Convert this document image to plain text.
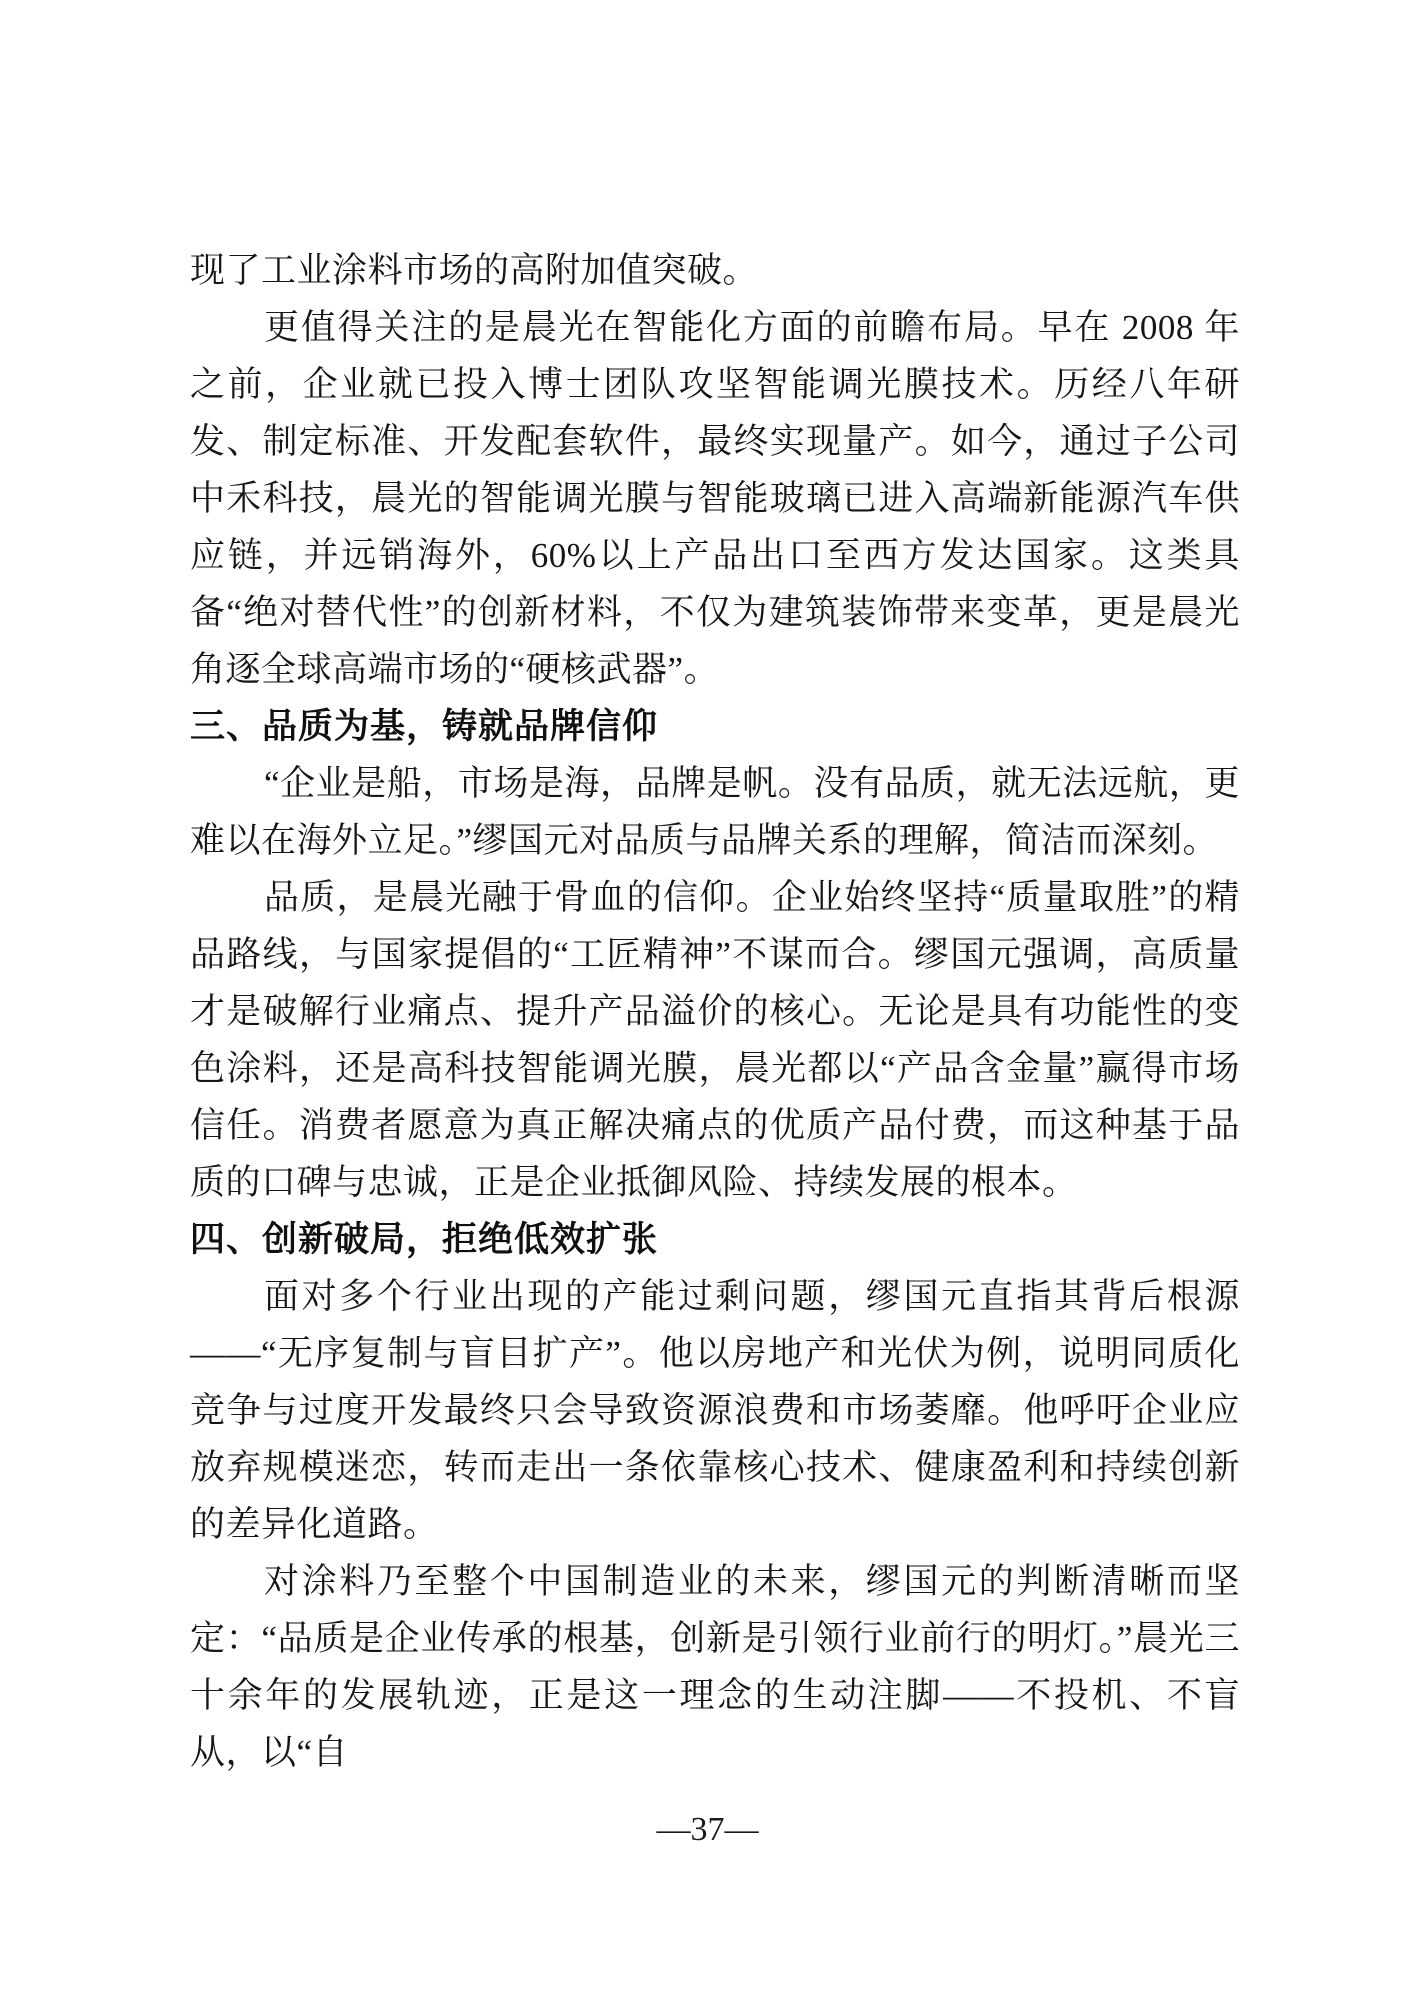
现了工业涂料市场的高附加值突破。

更值得关注的是晨光在智能化方面的前瞻布局。早在 2008 年之前，企业就已投入博士团队攻坚智能调光膜技术。历经八年研发、制定标准、开发配套软件，最终实现量产。如今，通过子公司中禾科技，晨光的智能调光膜与智能玻璃已进入高端新能源汽车供应链，并远销海外，60%以上产品出口至西方发达国家。这类具备“绝对替代性”的创新材料，不仅为建筑装饰带来变革，更是晨光角逐全球高端市场的“硬核武器”。

三、品质为基，铸就品牌信仰

“企业是船，市场是海，品牌是帆。没有品质，就无法远航，更难以在海外立足。”缪国元对品质与品牌关系的理解，简洁而深刻。

品质，是晨光融于骨血的信仰。企业始终坚持“质量取胜”的精品路线，与国家提倡的“工匠精神”不谋而合。缪国元强调，高质量才是破解行业痛点、提升产品溢价的核心。无论是具有功能性的变色涂料，还是高科技智能调光膜，晨光都以“产品含金量”赢得市场信任。消费者愿意为真正解决痛点的优质产品付费，而这种基于品质的口碑与忠诚，正是企业抵御风险、持续发展的根本。

四、创新破局，拒绝低效扩张

面对多个行业出现的产能过剩问题，缪国元直指其背后根源——“无序复制与盲目扩产”。他以房地产和光伏为例，说明同质化竞争与过度开发最终只会导致资源浪费和市场萎靡。他呼吁企业应放弃规模迷恋，转而走出一条依靠核心技术、健康盈利和持续创新的差异化道路。

对涂料乃至整个中国制造业的未来，缪国元的判断清晰而坚定：“品质是企业传承的根基，创新是引领行业前行的明灯。”晨光三十余年的发展轨迹，正是这一理念的生动注脚——不投机、不盲从，以“自

—37—
